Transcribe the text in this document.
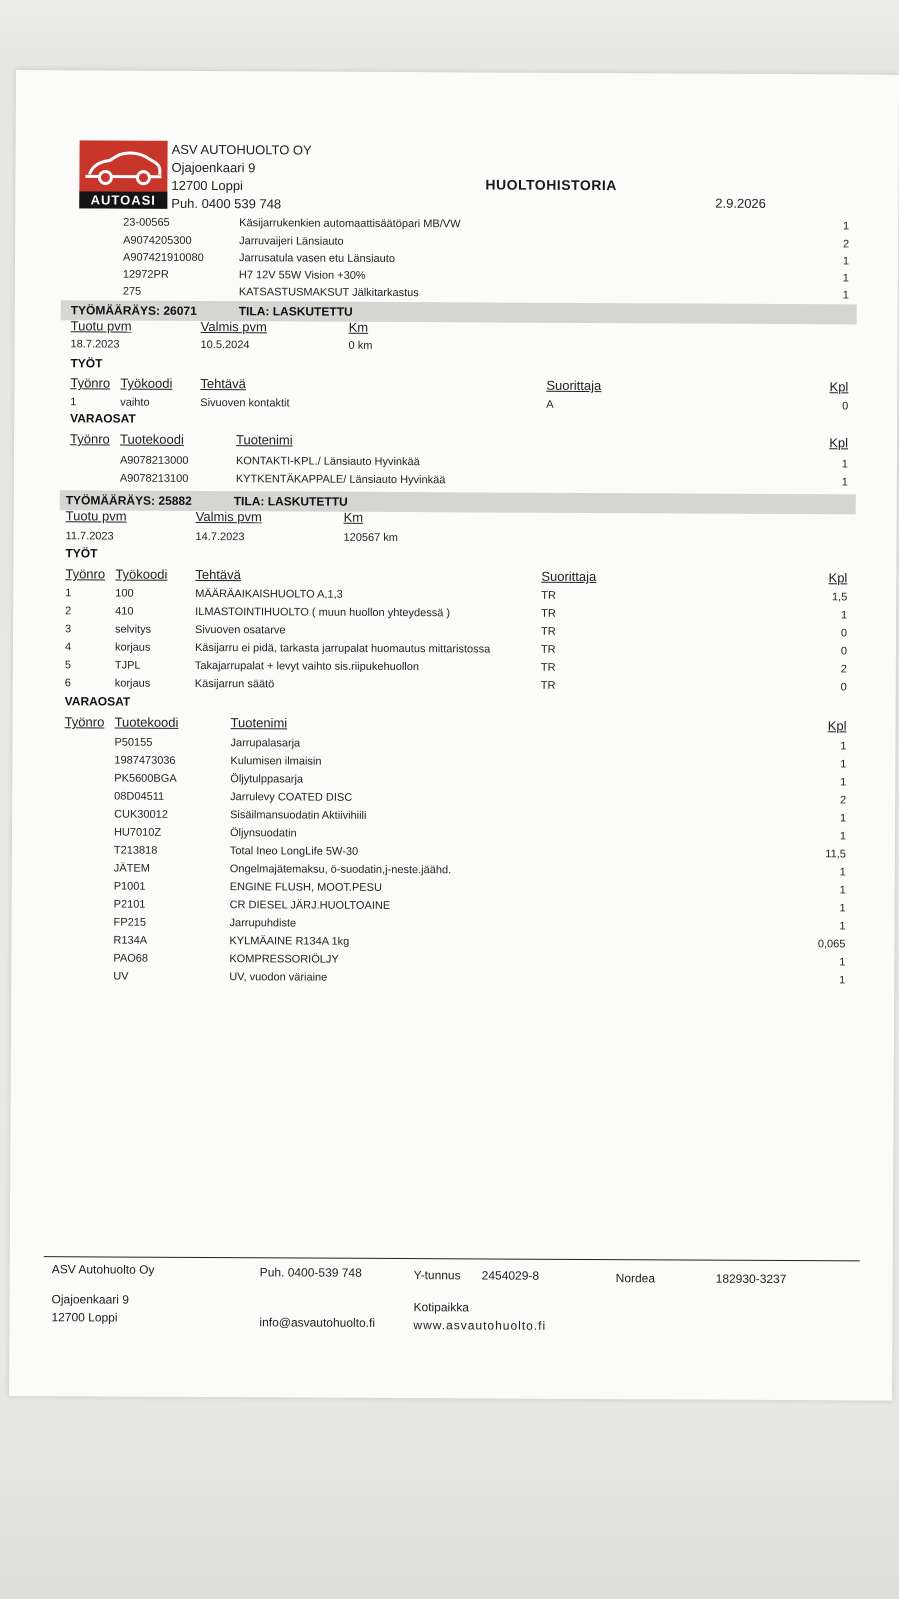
AUTOASI
ASV AUTOHUOLTO OY
Ojajoenkaari 9
12700 Loppi
Puh. 0400 539 748
HUOLTOHISTORIA
2.9.2026
23-00565	Käsijarrukenkien automaattisäätöpari MB/VW	1
A9074205300	Jarruvaijeri Länsiauto	2
A907421910080	Jarrusatula vasen etu Länsiauto	1
12972PR	H7 12V 55W Vision +30%	1
275	KATSASTUSMAKSUT Jälkitarkastus	1
TYÖMÄÄRÄYS: 26071	TILA: LASKUTETTU
Tuotu pvm	Valmis pvm	Km
18.7.2023	10.5.2024	0 km
TYÖT
Työnro Työkoodi Tehtävä	Suorittaja	Kpl
1	vaihto	Sivuoven kontaktit	A	0
VARAOSAT
Työnro Tuotekoodi	Tuotenimi	Kpl
A9078213000	KONTAKTI-KPL./ Länsiauto Hyvinkää	1
A9078213100	KYTKENTÄKAPPALE/ Länsiauto Hyvinkää	1
TYÖMÄÄRÄYS: 25882	TILA: LASKUTETTU
Tuotu pvm	Valmis pvm	Km
11.7.2023	14.7.2023	120567 km
TYÖT
Työnro Työkoodi Tehtävä	Suorittaja	Kpl
1	100	MÄÄRÄAIKAISHUOLTO A,1,3	TR	1,5
2	410	ILMASTOINTIHUOLTO ( muun huollon yhteydessä )	TR	1
3	selvitys	Sivuoven osatarve	TR	0
4	korjaus	Käsijarru ei pidä, tarkasta jarrupalat huomautus mittaristossa	TR	0
5	TJPL	Takajarrupalat + levyt vaihto sis.riipukehuollon	TR	2
6	korjaus	Käsijarrun säätö	TR	0
VARAOSAT
Työnro Tuotekoodi	Tuotenimi	Kpl
P50155	Jarrupalasarja	1
1987473036	Kulumisen ilmaisin	1
PK5600BGA	Öljytulppasarja	1
08D04511	Jarrulevy COATED DISC	2
CUK30012	Sisäilmansuodatin Aktiivihiili	1
HU7010Z	Öljynsuodatin	1
T213818	Total Ineo LongLife 5W-30	11,5
JÄTEM	Ongelmajätemaksu, ö-suodatin,j-neste.jäähd.	1
P1001	ENGINE FLUSH, MOOT.PESU	1
P2101	CR DIESEL JÄRJ.HUOLTOAINE	1
FP215	Jarrupuhdiste	1
R134A	KYLMÄAINE R134A 1kg	0,065
PAO68	KOMPRESSORIÖLJY	1
UV	UV, vuodon väriaine	1
ASV Autohuolto Oy	Puh. 0400-539 748	Y-tunnus 2454029-8	Nordea	182930-3237
Ojajoenkaari 9
12700 Loppi
Kotipaikka
info@asvautohuolto.fi	www.asvautohuolto.fi
